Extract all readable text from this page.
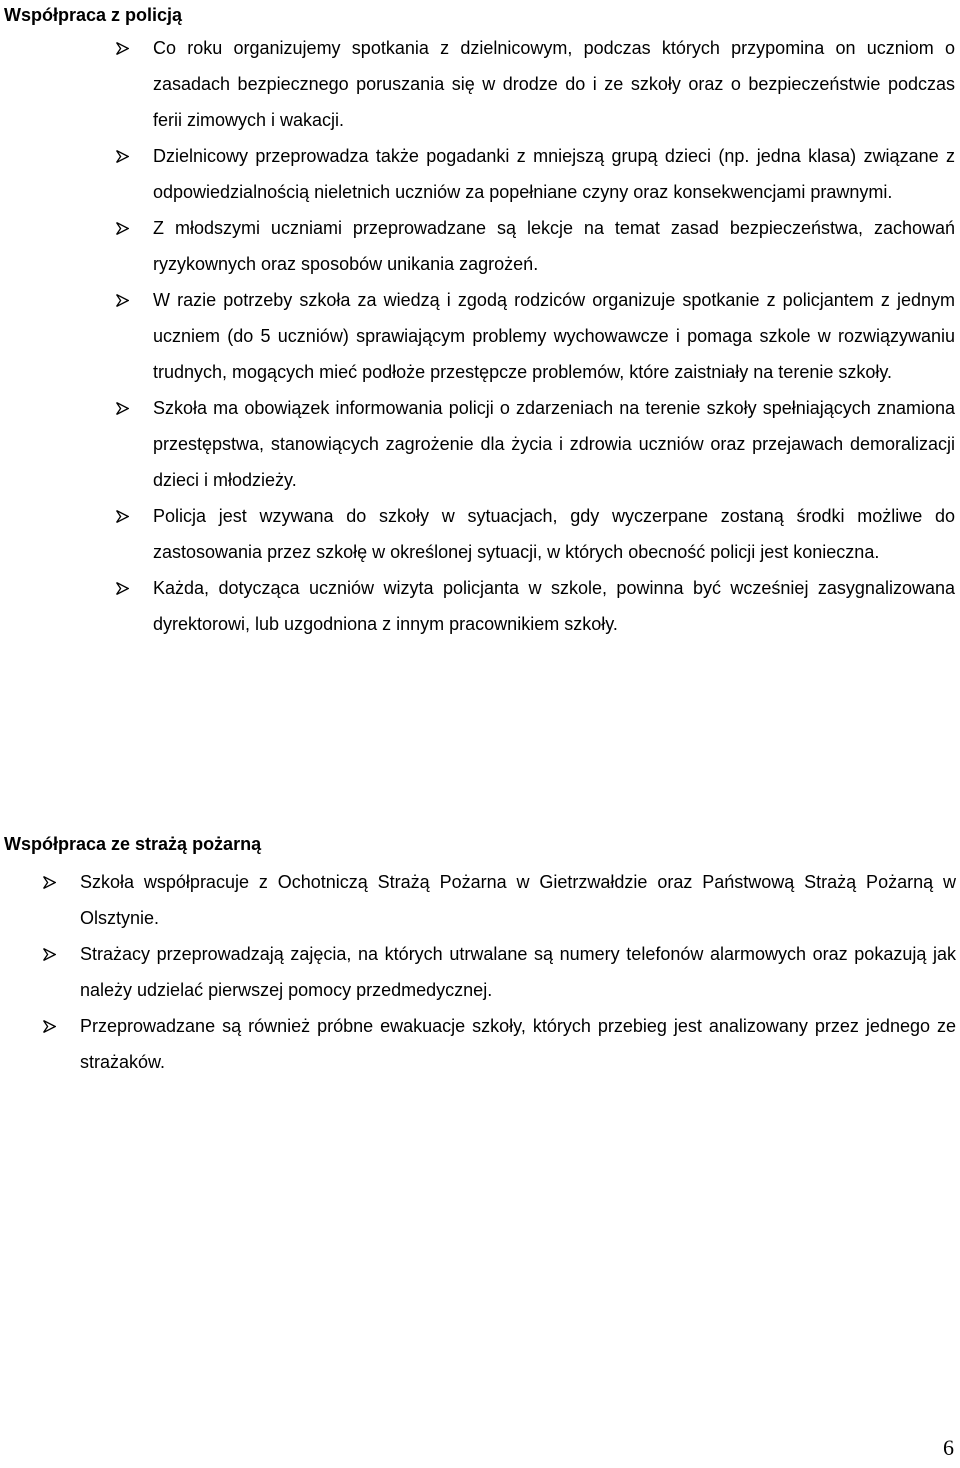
Współpraca z policją
Co roku organizujemy spotkania z dzielnicowym, podczas których przypomina on uczniom o zasadach bezpiecznego poruszania się w drodze do i ze szkoły oraz o bezpieczeństwie podczas ferii zimowych i wakacji.
Dzielnicowy przeprowadza także pogadanki z mniejszą grupą dzieci (np. jedna klasa) związane z odpowiedzialnością nieletnich uczniów za popełniane czyny oraz konsekwencjami prawnymi.
Z młodszymi uczniami przeprowadzane są lekcje na temat zasad bezpieczeństwa, zachowań ryzykownych oraz sposobów unikania zagrożeń.
W razie potrzeby szkoła za wiedzą i zgodą rodziców organizuje spotkanie z policjantem z jednym uczniem (do 5 uczniów) sprawiającym problemy wychowawcze i pomaga szkole w rozwiązywaniu trudnych, mogących mieć podłoże przestępcze problemów, które zaistniały na terenie szkoły.
Szkoła ma obowiązek informowania policji o zdarzeniach na terenie szkoły spełniających znamiona przestępstwa, stanowiących zagrożenie dla życia i zdrowia uczniów oraz przejawach demoralizacji dzieci i młodzieży.
Policja jest wzywana do szkoły w sytuacjach, gdy wyczerpane zostaną środki możliwe do zastosowania przez szkołę w określonej sytuacji, w których obecność policji jest konieczna.
Każda, dotycząca uczniów wizyta policjanta w szkole, powinna być wcześniej zasygnalizowana dyrektorowi, lub uzgodniona z innym pracownikiem szkoły.
Współpraca ze strażą pożarną
Szkoła współpracuje z Ochotniczą Strażą Pożarna w Gietrzwałdzie oraz Państwową Strażą Pożarną w Olsztynie.
Strażacy przeprowadzają zajęcia, na których utrwalane są numery telefonów alarmowych oraz pokazują jak należy udzielać pierwszej pomocy przedmedycznej.
Przeprowadzane są również próbne ewakuacje szkoły, których przebieg jest analizowany przez jednego ze strażaków.
6
